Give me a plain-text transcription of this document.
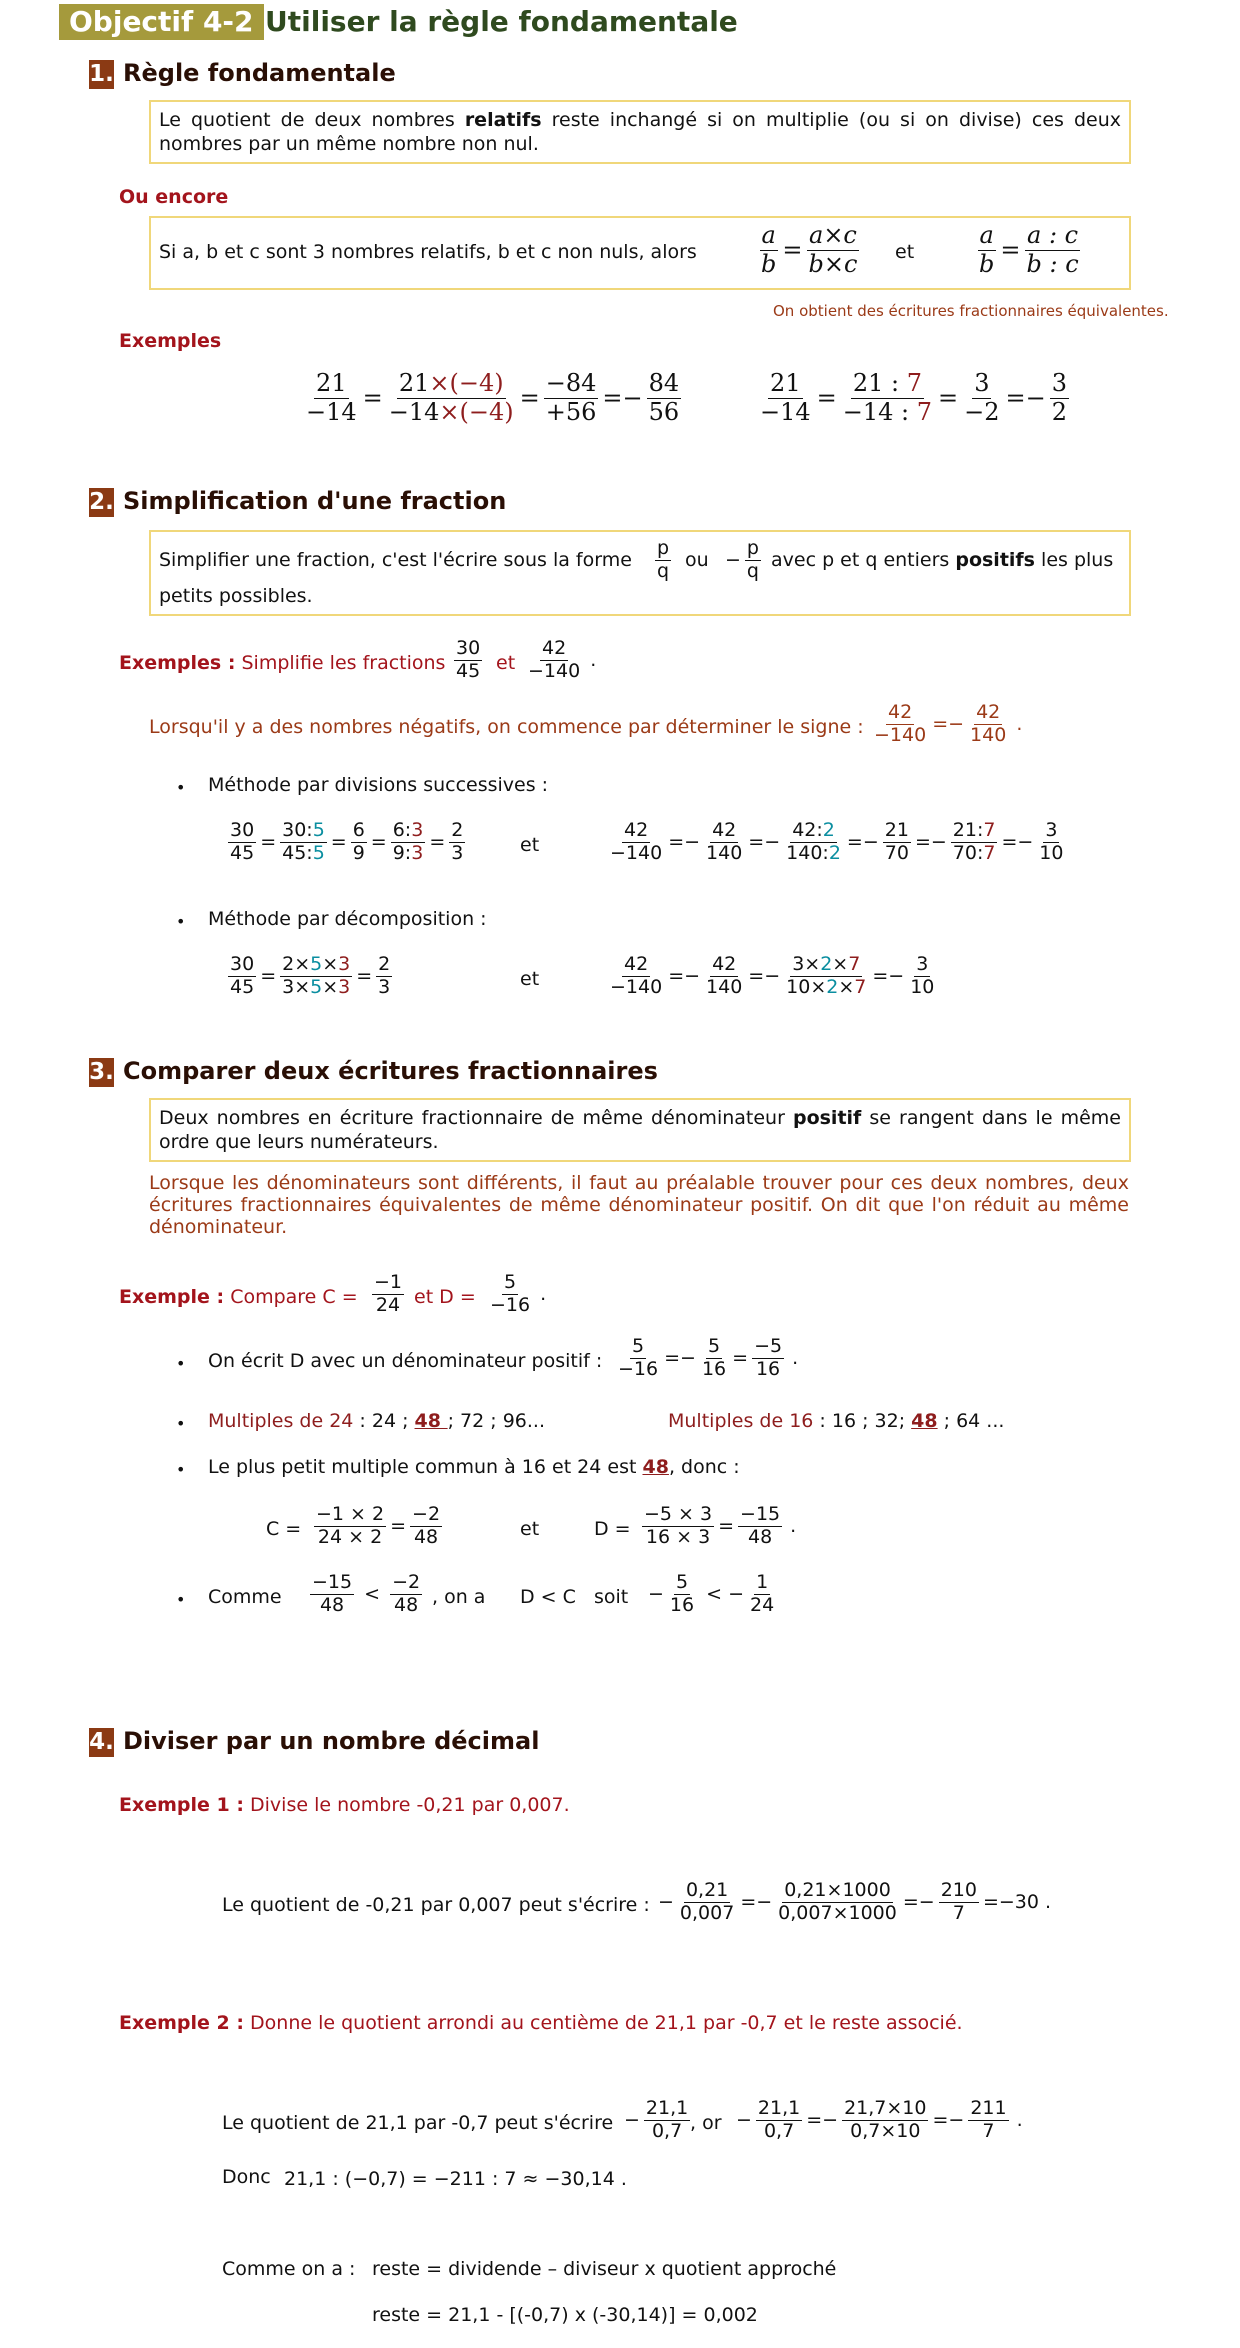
Objectif 4-2 Utiliser la règle fondamentale
1. Règle fondamentale
Le quotient de deux nombres relatifs reste inchangé si on multiplie (ou si on divise) ces deux nombres par un même nombre non nul.
Ou encore
Si a, b et c sont 3 nombres relatifs, b et c non nuls, alors	$\frac{a}{b} = \frac{a\times c}{b\times c}$ et	$\frac{a}{b} = \frac{a : c}{b : c}$
On obtient des écritures fractionnaires équivalentes.
Exemples
$\frac{21}{-14} = \frac{21\times(-4)}{-14\times(-4)} = \frac{-84}{+56} =- \frac{84}{56}$	$\frac{21}{-14} = \frac{21 : 7}{-14 : 7} = \frac{3}{-2} =- \frac{3}{2}$
2. Simplification d'une fraction
Simplifier une fraction, c'est l'écrire sous la forme $\frac{p}{q}$ ou − $\frac{p}{q}$ avec p et q entiers positifs les plus
petits possibles.
Exemples : Simplifie les fractions $\frac{30}{45}$ et $\frac{42}{-140}$ .
Lorsqu'il y a des nombres négatifs, on commence par déterminer le signe : $\frac{42}{-140} =- \frac{42}{140}$ .
• Méthode par divisions successives :
$\frac{30}{45} = \frac{30:5}{45:5} = \frac{6}{9} = \frac{6:3}{9:3} = \frac{2}{3}$	et	$\frac{42}{-140} =- \frac{42}{140} =- \frac{42:2}{140:2} =- \frac{21}{70} =- \frac{21:7}{70:7} =- \frac{3}{10}$
• Méthode par décomposition :
$\frac{30}{45} = \frac{2\times 5\times 3}{3\times 5\times 3} = \frac{2}{3}$	et	$\frac{42}{-140} =- \frac{42}{140} =- \frac{3\times 2\times 7}{10\times 2\times 7} =- \frac{3}{10}$
3. Comparer deux écritures fractionnaires
Deux nombres en écriture fractionnaire de même dénominateur positif se rangent dans le même ordre que leurs numérateurs.
Lorsque les dénominateurs sont différents, il faut au préalable trouver pour ces deux nombres, deux écritures fractionnaires équivalentes de même dénominateur positif. On dit que l'on réduit au même dénominateur.
Exemple : Compare $C = \frac{-1}{24}$ et $D = \frac{5}{-16}$ .
• On écrit D avec un dénominateur positif : $\frac{5}{-16} =- \frac{5}{16} = \frac{-5}{16}$ .
• Multiples de 24 : 24 ; 48 ; 72 ; 96...	Multiples de 16 : 16 ; 32; 48 ; 64 ...
• Le plus petit multiple commun à 16 et 24 est 48, donc :
$C = \frac{-1 \times 2}{24 \times 2} = \frac{-2}{48}$	et	$D = \frac{-5 \times 3}{16 \times 3} = \frac{-15}{48}$ .
• Comme $\frac{-15}{48} < \frac{-2}{48}$ , on a D < C soit − $\frac{5}{16}$ < − $\frac{1}{24}$
4. Diviser par un nombre décimal
Exemple 1 : Divise le nombre -0,21 par 0,007.
Le quotient de -0,21 par 0,007 peut s'écrire : − $\frac{0,21}{0,007} =- \frac{0,21\times 1000}{0,007\times 1000} =- \frac{210}{7} =-30$ .
Exemple 2 : Donne le quotient arrondi au centième de 21,1 par -0,7 et le reste associé.
Le quotient de 21,1 par -0,7 peut s'écrire − $\frac{21,1}{0,7}$ , or − $\frac{21,1}{0,7} =- \frac{21,7\times 10}{0,7\times 10} =- \frac{211}{7}$ .
Donc 21,1 : (−0,7) = −211 : 7 ≈ −30,14 .
Comme on a : reste = dividende – diviseur x quotient approché
reste = 21,1 - [(-0,7) x (-30,14)] = 0,002
